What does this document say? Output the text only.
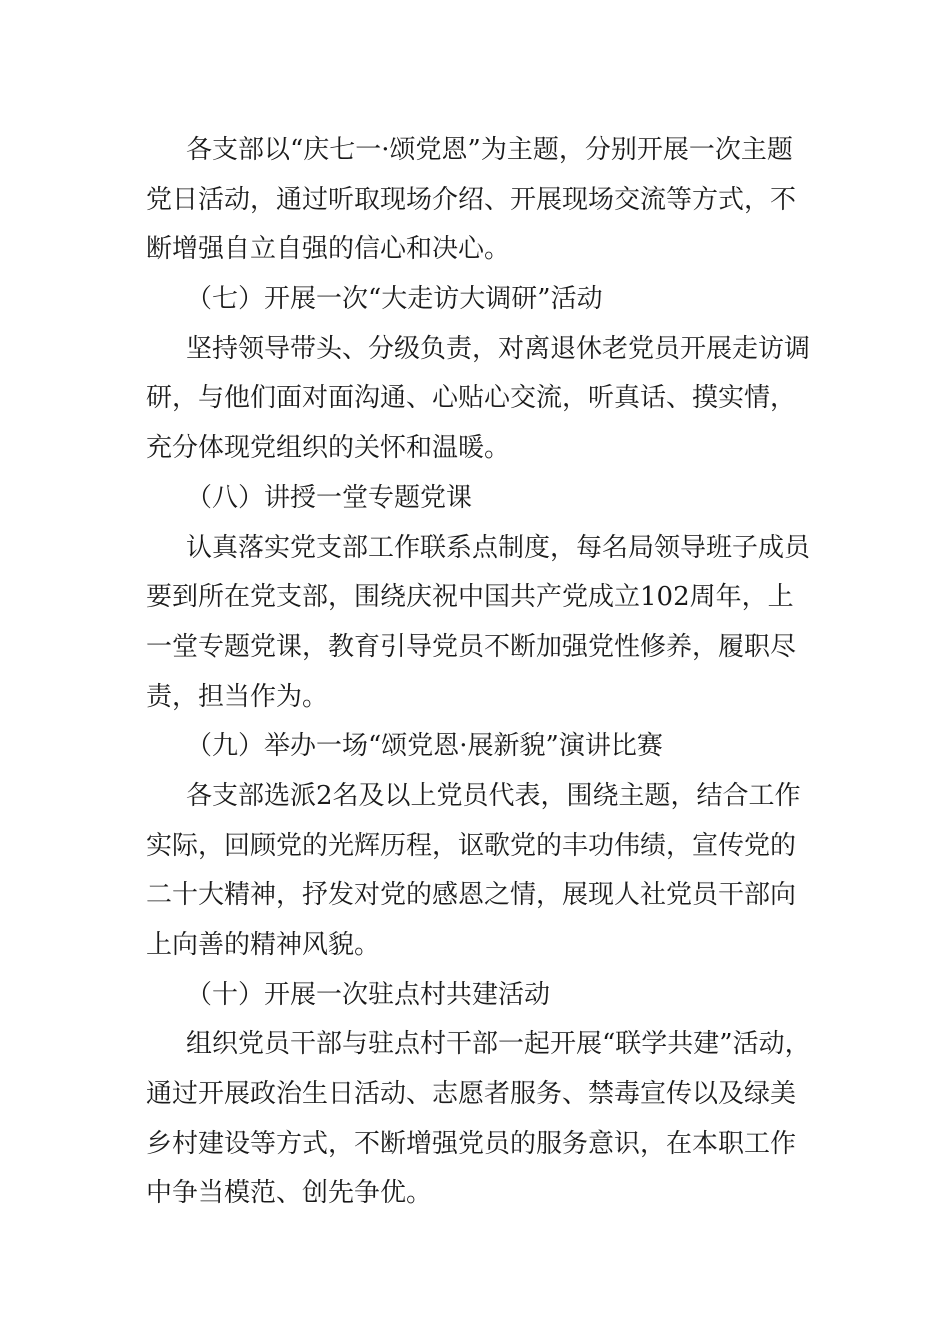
各支部以“庆七一·颂党恩”为主题，分别开展一次主题
党日活动，通过听取现场介绍、开展现场交流等方式，不
断增强自立自强的信心和决心。
（七）开展一次“大走访大调研”活动
坚持领导带头、分级负责，对离退休老党员开展走访调
研，与他们面对面沟通、心贴心交流，听真话、摸实情，
充分体现党组织的关怀和温暖。
（八）讲授一堂专题党课
认真落实党支部工作联系点制度，每名局领导班子成员
要到所在党支部，围绕庆祝中国共产党成立102周年，上
一堂专题党课，教育引导党员不断加强党性修养，履职尽
责，担当作为。
（九）举办一场“颂党恩·展新貌”演讲比赛
各支部选派2名及以上党员代表，围绕主题，结合工作
实际，回顾党的光辉历程，讴歌党的丰功伟绩，宣传党的
二十大精神，抒发对党的感恩之情，展现人社党员干部向
上向善的精神风貌。
（十）开展一次驻点村共建活动
组织党员干部与驻点村干部一起开展“联学共建”活动，
通过开展政治生日活动、志愿者服务、禁毒宣传以及绿美
乡村建设等方式，不断增强党员的服务意识，在本职工作
中争当模范、创先争优。
